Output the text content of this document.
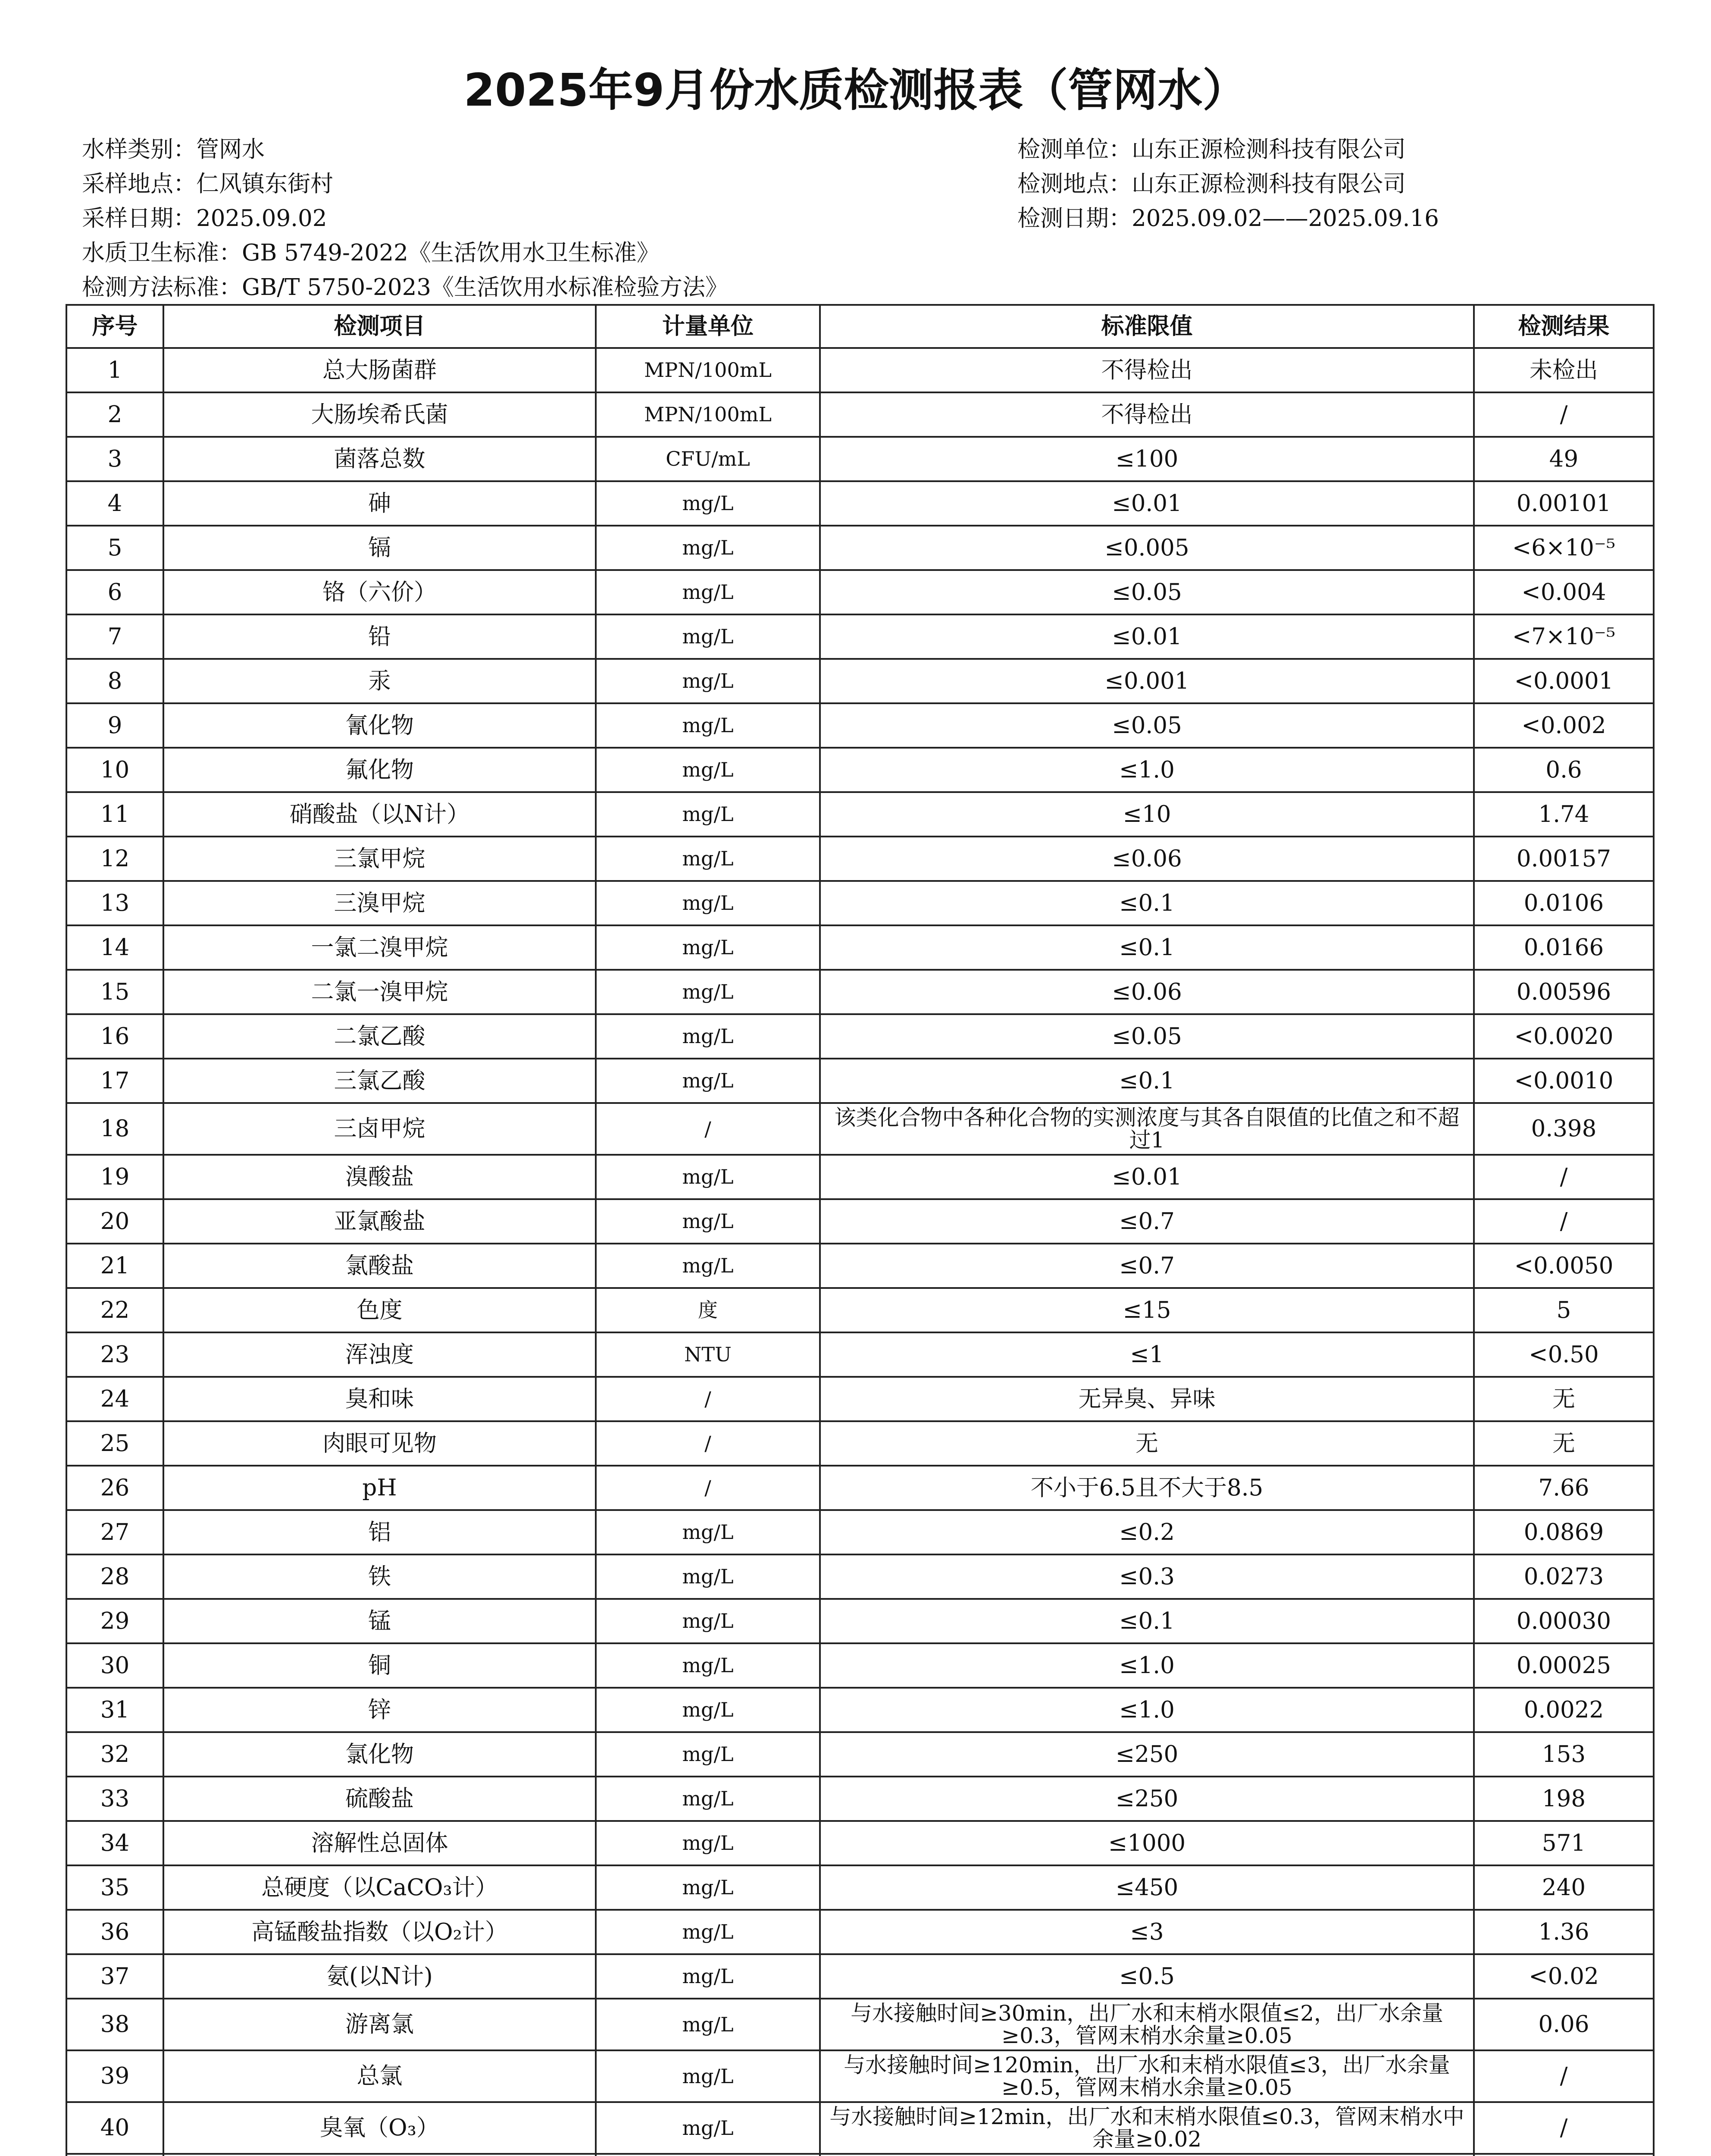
2025年9月份水质检测报表（管网水）
水样类别：管网水
采样地点：仁风镇东街村
采样日期：2025.09.02
水质卫生标准：GB 5749-2022《生活饮用水卫生标准》
检测方法标准：GB/T 5750-2023《生活饮用水标准检验方法》
检测单位：山东正源检测科技有限公司
检测地点：山东正源检测科技有限公司
检测日期：2025.09.02——2025.09.16
序号	检测项目	计量单位	标准限值	检测结果
1	总大肠菌群	MPN/100mL	不得检出	未检出
2	大肠埃希氏菌	MPN/100mL	不得检出	/
3	菌落总数	CFU/mL	≤100	49
4	砷	mg/L	≤0.01	0.00101
5	镉	mg/L	≤0.005	<6×10⁻⁵
6	铬（六价）	mg/L	≤0.05	<0.004
7	铅	mg/L	≤0.01	<7×10⁻⁵
8	汞	mg/L	≤0.001	<0.0001
9	氰化物	mg/L	≤0.05	<0.002
10	氟化物	mg/L	≤1.0	0.6
11	硝酸盐（以N计）	mg/L	≤10	1.74
12	三氯甲烷	mg/L	≤0.06	0.00157
13	三溴甲烷	mg/L	≤0.1	0.0106
14	一氯二溴甲烷	mg/L	≤0.1	0.0166
15	二氯一溴甲烷	mg/L	≤0.06	0.00596
16	二氯乙酸	mg/L	≤0.05	<0.0020
17	三氯乙酸	mg/L	≤0.1	<0.0010
18	三卤甲烷	/	该类化合物中各种化合物的实测浓度与其各自限值的比值之和不超过1	0.398
19	溴酸盐	mg/L	≤0.01	/
20	亚氯酸盐	mg/L	≤0.7	/
21	氯酸盐	mg/L	≤0.7	<0.0050
22	色度	度	≤15	5
23	浑浊度	NTU	≤1	<0.50
24	臭和味	/	无异臭、异味	无
25	肉眼可见物	/	无	无
26	pH	/	不小于6.5且不大于8.5	7.66
27	铝	mg/L	≤0.2	0.0869
28	铁	mg/L	≤0.3	0.0273
29	锰	mg/L	≤0.1	0.00030
30	铜	mg/L	≤1.0	0.00025
31	锌	mg/L	≤1.0	0.0022
32	氯化物	mg/L	≤250	153
33	硫酸盐	mg/L	≤250	198
34	溶解性总固体	mg/L	≤1000	571
35	总硬度（以CaCO₃计）	mg/L	≤450	240
36	高锰酸盐指数（以O₂计）	mg/L	≤3	1.36
37	氨(以N计)	mg/L	≤0.5	<0.02
38	游离氯	mg/L	与水接触时间≥30min，出厂水和末梢水限值≤2，出厂水余量≥0.3，管网末梢水余量≥0.05	0.06
39	总氯	mg/L	与水接触时间≥120min，出厂水和末梢水限值≤3，出厂水余量≥0.5，管网末梢水余量≥0.05	/
40	臭氧（O₃）	mg/L	与水接触时间≥12min，出厂水和末梢水限值≤0.3，管网末梢水中余量≥0.02	/
